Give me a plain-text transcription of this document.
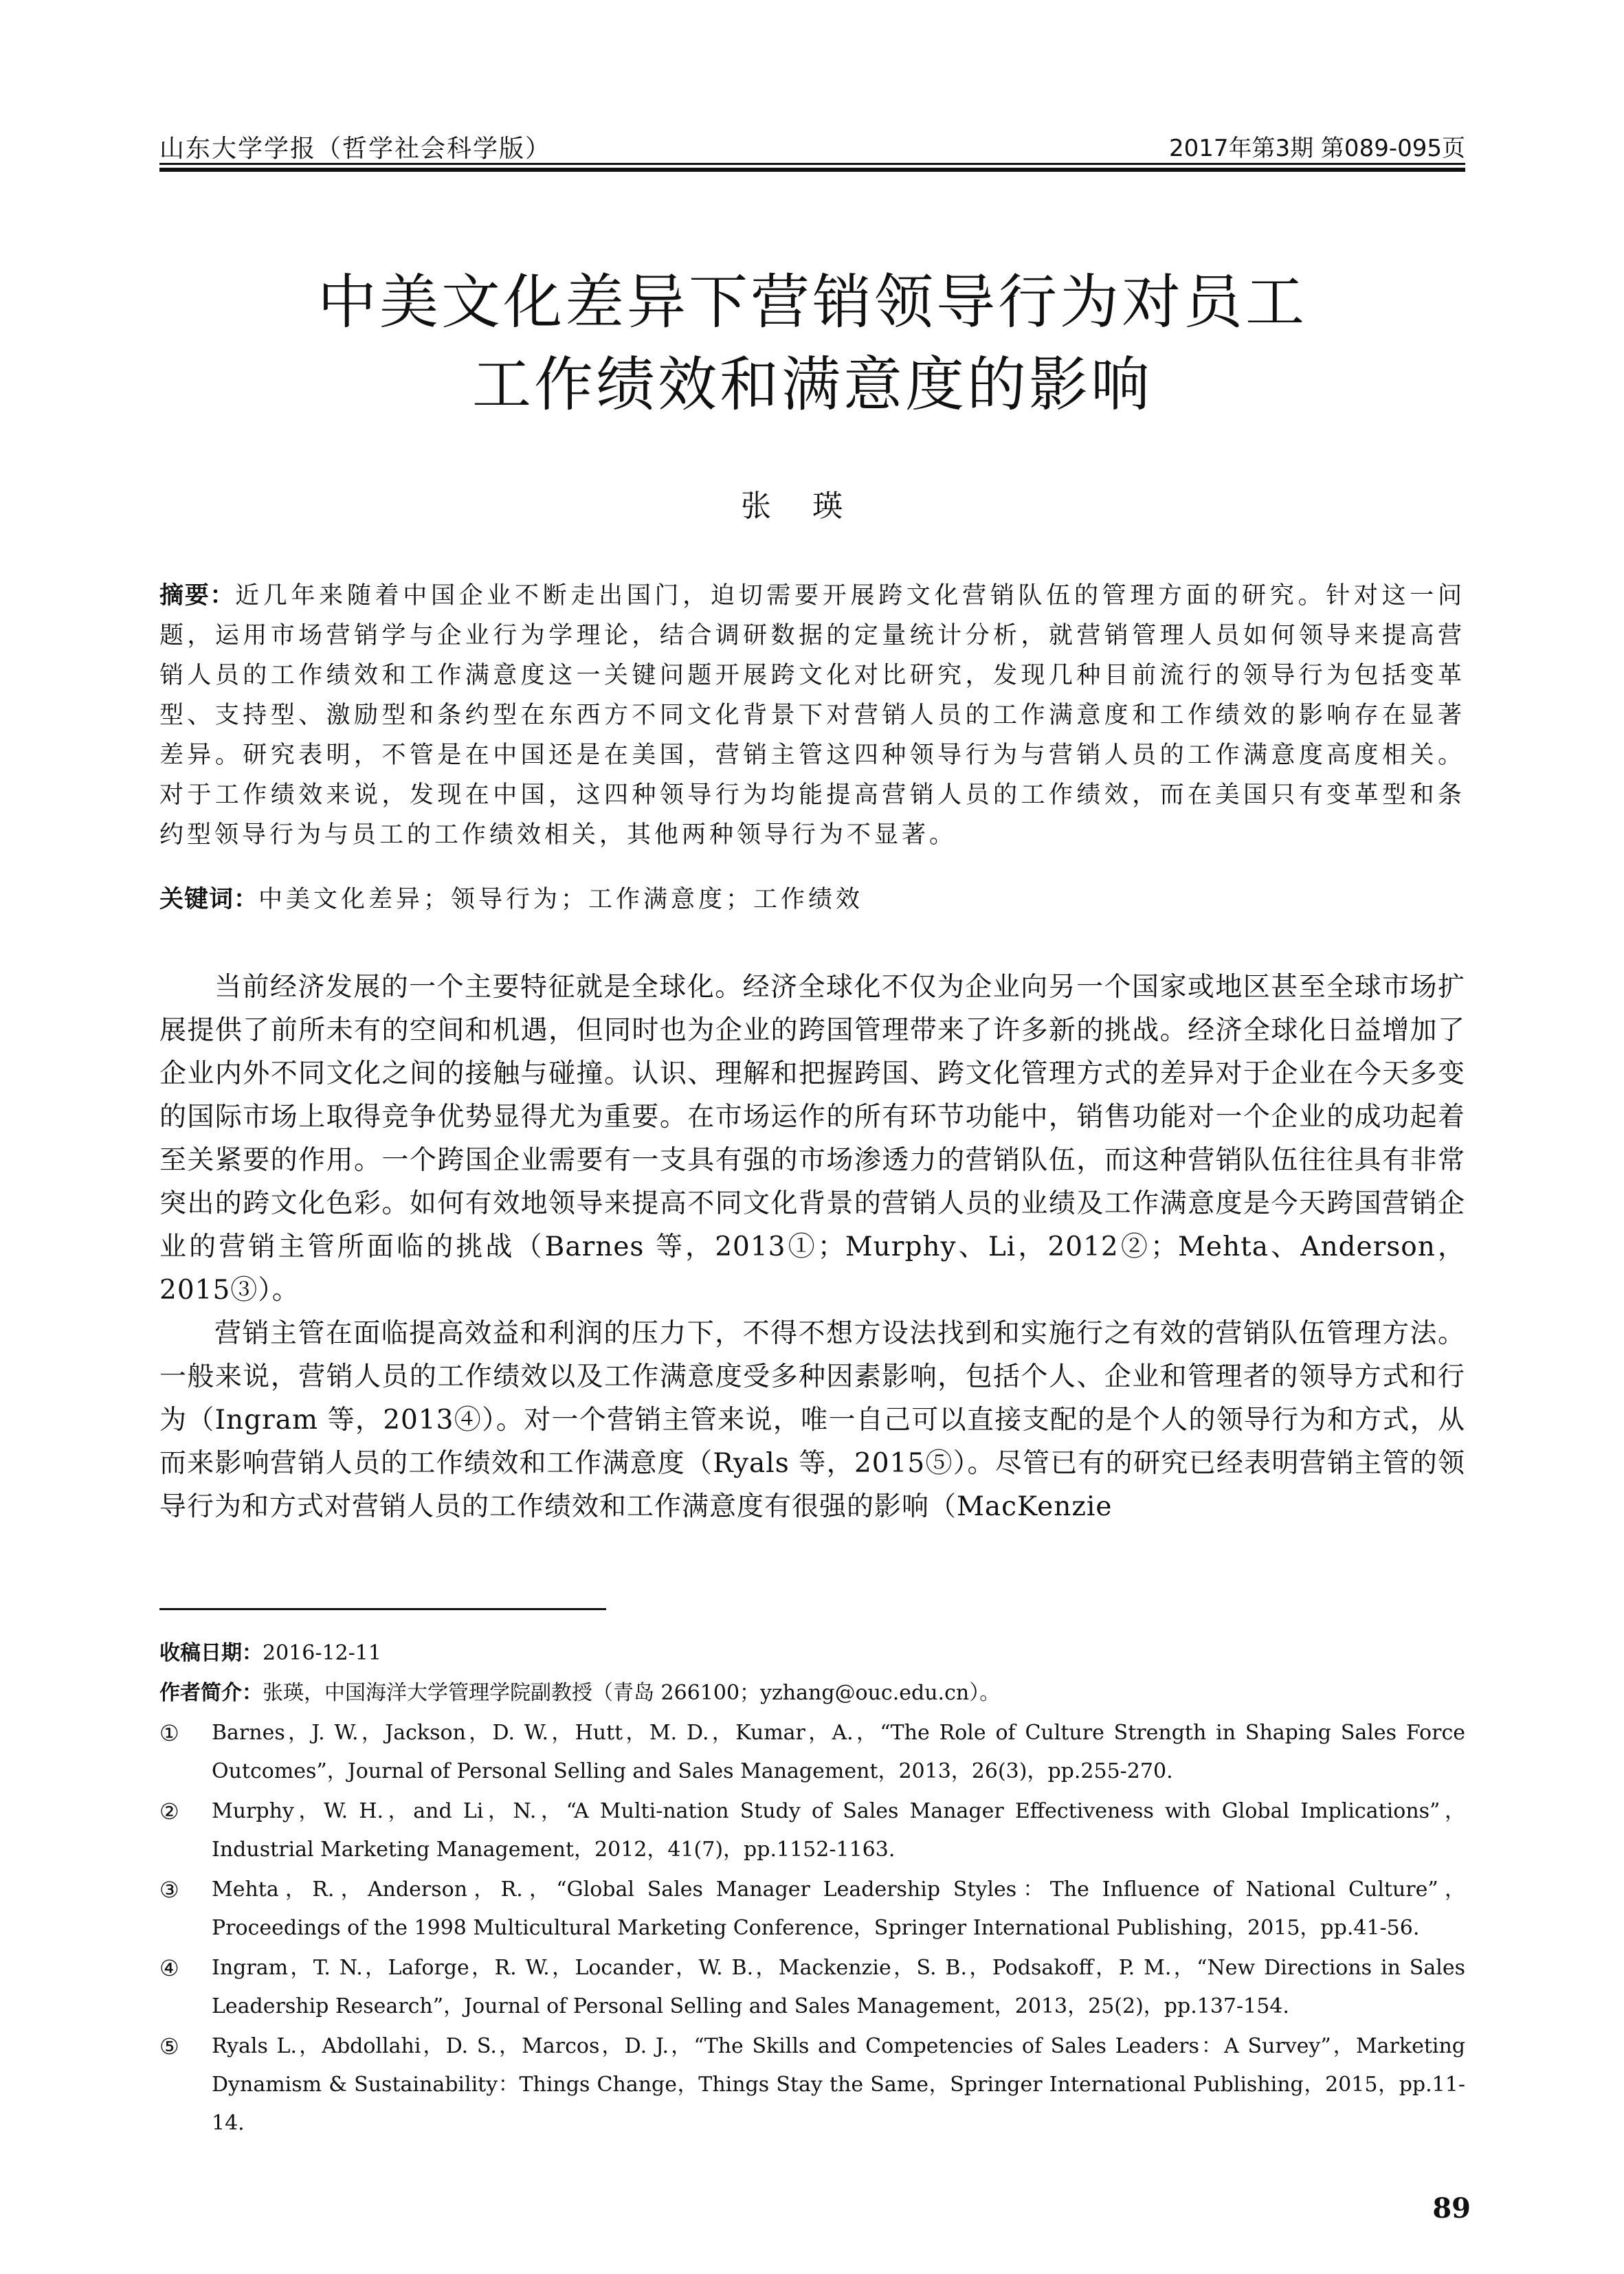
山东大学学报（哲学社会科学版）	2017年第3期 第089-095页
中美文化差异下营销领导行为对员工
工作绩效和满意度的影响
张瑛
摘要：近几年来随着中国企业不断走出国门，迫切需要开展跨文化营销队伍的管理方面的研究。针对这一问题，运用市场营销学与企业行为学理论，结合调研数据的定量统计分析，就营销管理人员如何领导来提高营销人员的工作绩效和工作满意度这一关键问题开展跨文化对比研究，发现几种目前流行的领导行为包括变革型、支持型、激励型和条约型在东西方不同文化背景下对营销人员的工作满意度和工作绩效的影响存在显著差异。研究表明，不管是在中国还是在美国，营销主管这四种领导行为与营销人员的工作满意度高度相关。对于工作绩效来说，发现在中国，这四种领导行为均能提高营销人员的工作绩效，而在美国只有变革型和条约型领导行为与员工的工作绩效相关，其他两种领导行为不显著。
关键词：中美文化差异；领导行为；工作满意度；工作绩效

当前经济发展的一个主要特征就是全球化。经济全球化不仅为企业向另一个国家或地区甚至全球市场扩展提供了前所未有的空间和机遇，但同时也为企业的跨国管理带来了许多新的挑战。经济全球化日益增加了企业内外不同文化之间的接触与碰撞。认识、理解和把握跨国、跨文化管理方式的差异对于企业在今天多变的国际市场上取得竞争优势显得尤为重要。在市场运作的所有环节功能中，销售功能对一个企业的成功起着至关紧要的作用。一个跨国企业需要有一支具有强的市场渗透力的营销队伍，而这种营销队伍往往具有非常突出的跨文化色彩。如何有效地领导来提高不同文化背景的营销人员的业绩及工作满意度是今天跨国营销企业的营销主管所面临的挑战（Barnes 等，2013①；Murphy、Li，2012②；Mehta、Anderson，2015③）。

营销主管在面临提高效益和利润的压力下，不得不想方设法找到和实施行之有效的营销队伍管理方法。一般来说，营销人员的工作绩效以及工作满意度受多种因素影响，包括个人、企业和管理者的领导方式和行为（Ingram 等，2013④）。对一个营销主管来说，唯一自己可以直接支配的是个人的领导行为和方式，从而来影响营销人员的工作绩效和工作满意度（Ryals 等，2015⑤）。尽管已有的研究已经表明营销主管的领导行为和方式对营销人员的工作绩效和工作满意度有很强的影响（MacKenzie

收稿日期：2016-12-11
作者简介：张瑛，中国海洋大学管理学院副教授（青岛 266100；yzhang@ouc.edu.cn）。
① Barnes，J. W.，Jackson，D. W.，Hutt，M. D.，Kumar，A.，“The Role of Culture Strength in Shaping Sales Force Outcomes”，Journal of Personal Selling and Sales Management，2013，26(3)，pp.255-270.
② Murphy，W. H.，and Li，N.，“A Multi-nation Study of Sales Manager Effectiveness with Global Implications”，Industrial Marketing Management，2012，41(7)，pp.1152-1163.
③ Mehta，R.，Anderson，R.，“Global Sales Manager Leadership Styles：The Influence of National Culture”，Proceedings of the 1998 Multicultural Marketing Conference，Springer International Publishing，2015，pp.41-56.
④ Ingram，T. N.，Laforge，R. W.，Locander，W. B.，Mackenzie，S. B.，Podsakoff，P. M.，“New Directions in Sales Leadership Research”，Journal of Personal Selling and Sales Management，2013，25(2)，pp.137-154.
⑤ Ryals L.，Abdollahi，D. S.，Marcos，D. J.，“The Skills and Competencies of Sales Leaders：A Survey”，Marketing Dynamism & Sustainability：Things Change，Things Stay the Same，Springer International Publishing，2015，pp.11-14.
89
